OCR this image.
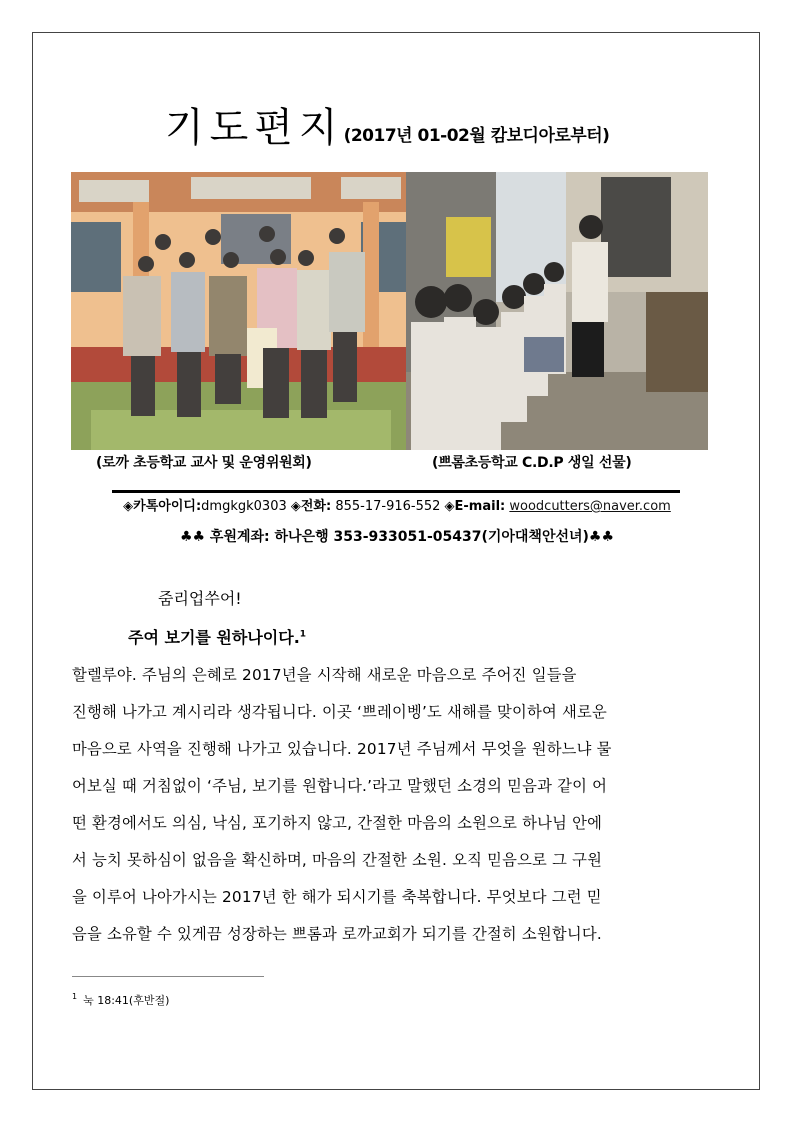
기도편지(2017년 01-02월 캄보디아로부터)
(로까 초등학교 교사 및 운영위원회)	(쁘롬초등학교 C.D.P 생일 선물)
◈카톡아이디:dmgkgk0303 ◈전화: 855-17-916-552 ◈E-mail: woodcutters@naver.com
♣♣ 후원계좌: 하나은행 353-933051-05437(기아대책안선녀)♣♣
줌리업쑤어!
주여 보기를 원하나이다.$^1$
할렐루야. 주님의 은혜로 2017년을 시작해 새로운 마음으로 주어진 일들을
진행해 나가고 계시리라 생각됩니다. 이곳 ‘쁘레이벵’도 새해를 맞이하여 새로운
마음으로 사역을 진행해 나가고 있습니다. 2017년 주님께서 무엇을 원하느냐 물
어보실 때 거침없이 ‘주님, 보기를 원합니다.’라고 말했던 소경의 믿음과 같이 어
떤 환경에서도 의심, 낙심, 포기하지 않고, 간절한 마음의 소원으로 하나님 안에
서 능치 못하심이 없음을 확신하며, 마음의 간절한 소원. 오직 믿음으로 그 구원
을 이루어 나아가시는 2017년 한 해가 되시기를 축복합니다. 무엇보다 그런 믿
음을 소유할 수 있게끔 성장하는 쁘롬과 로까교회가 되기를 간절히 소원합니다.
$^1$ 눅 18:41(후반절)
